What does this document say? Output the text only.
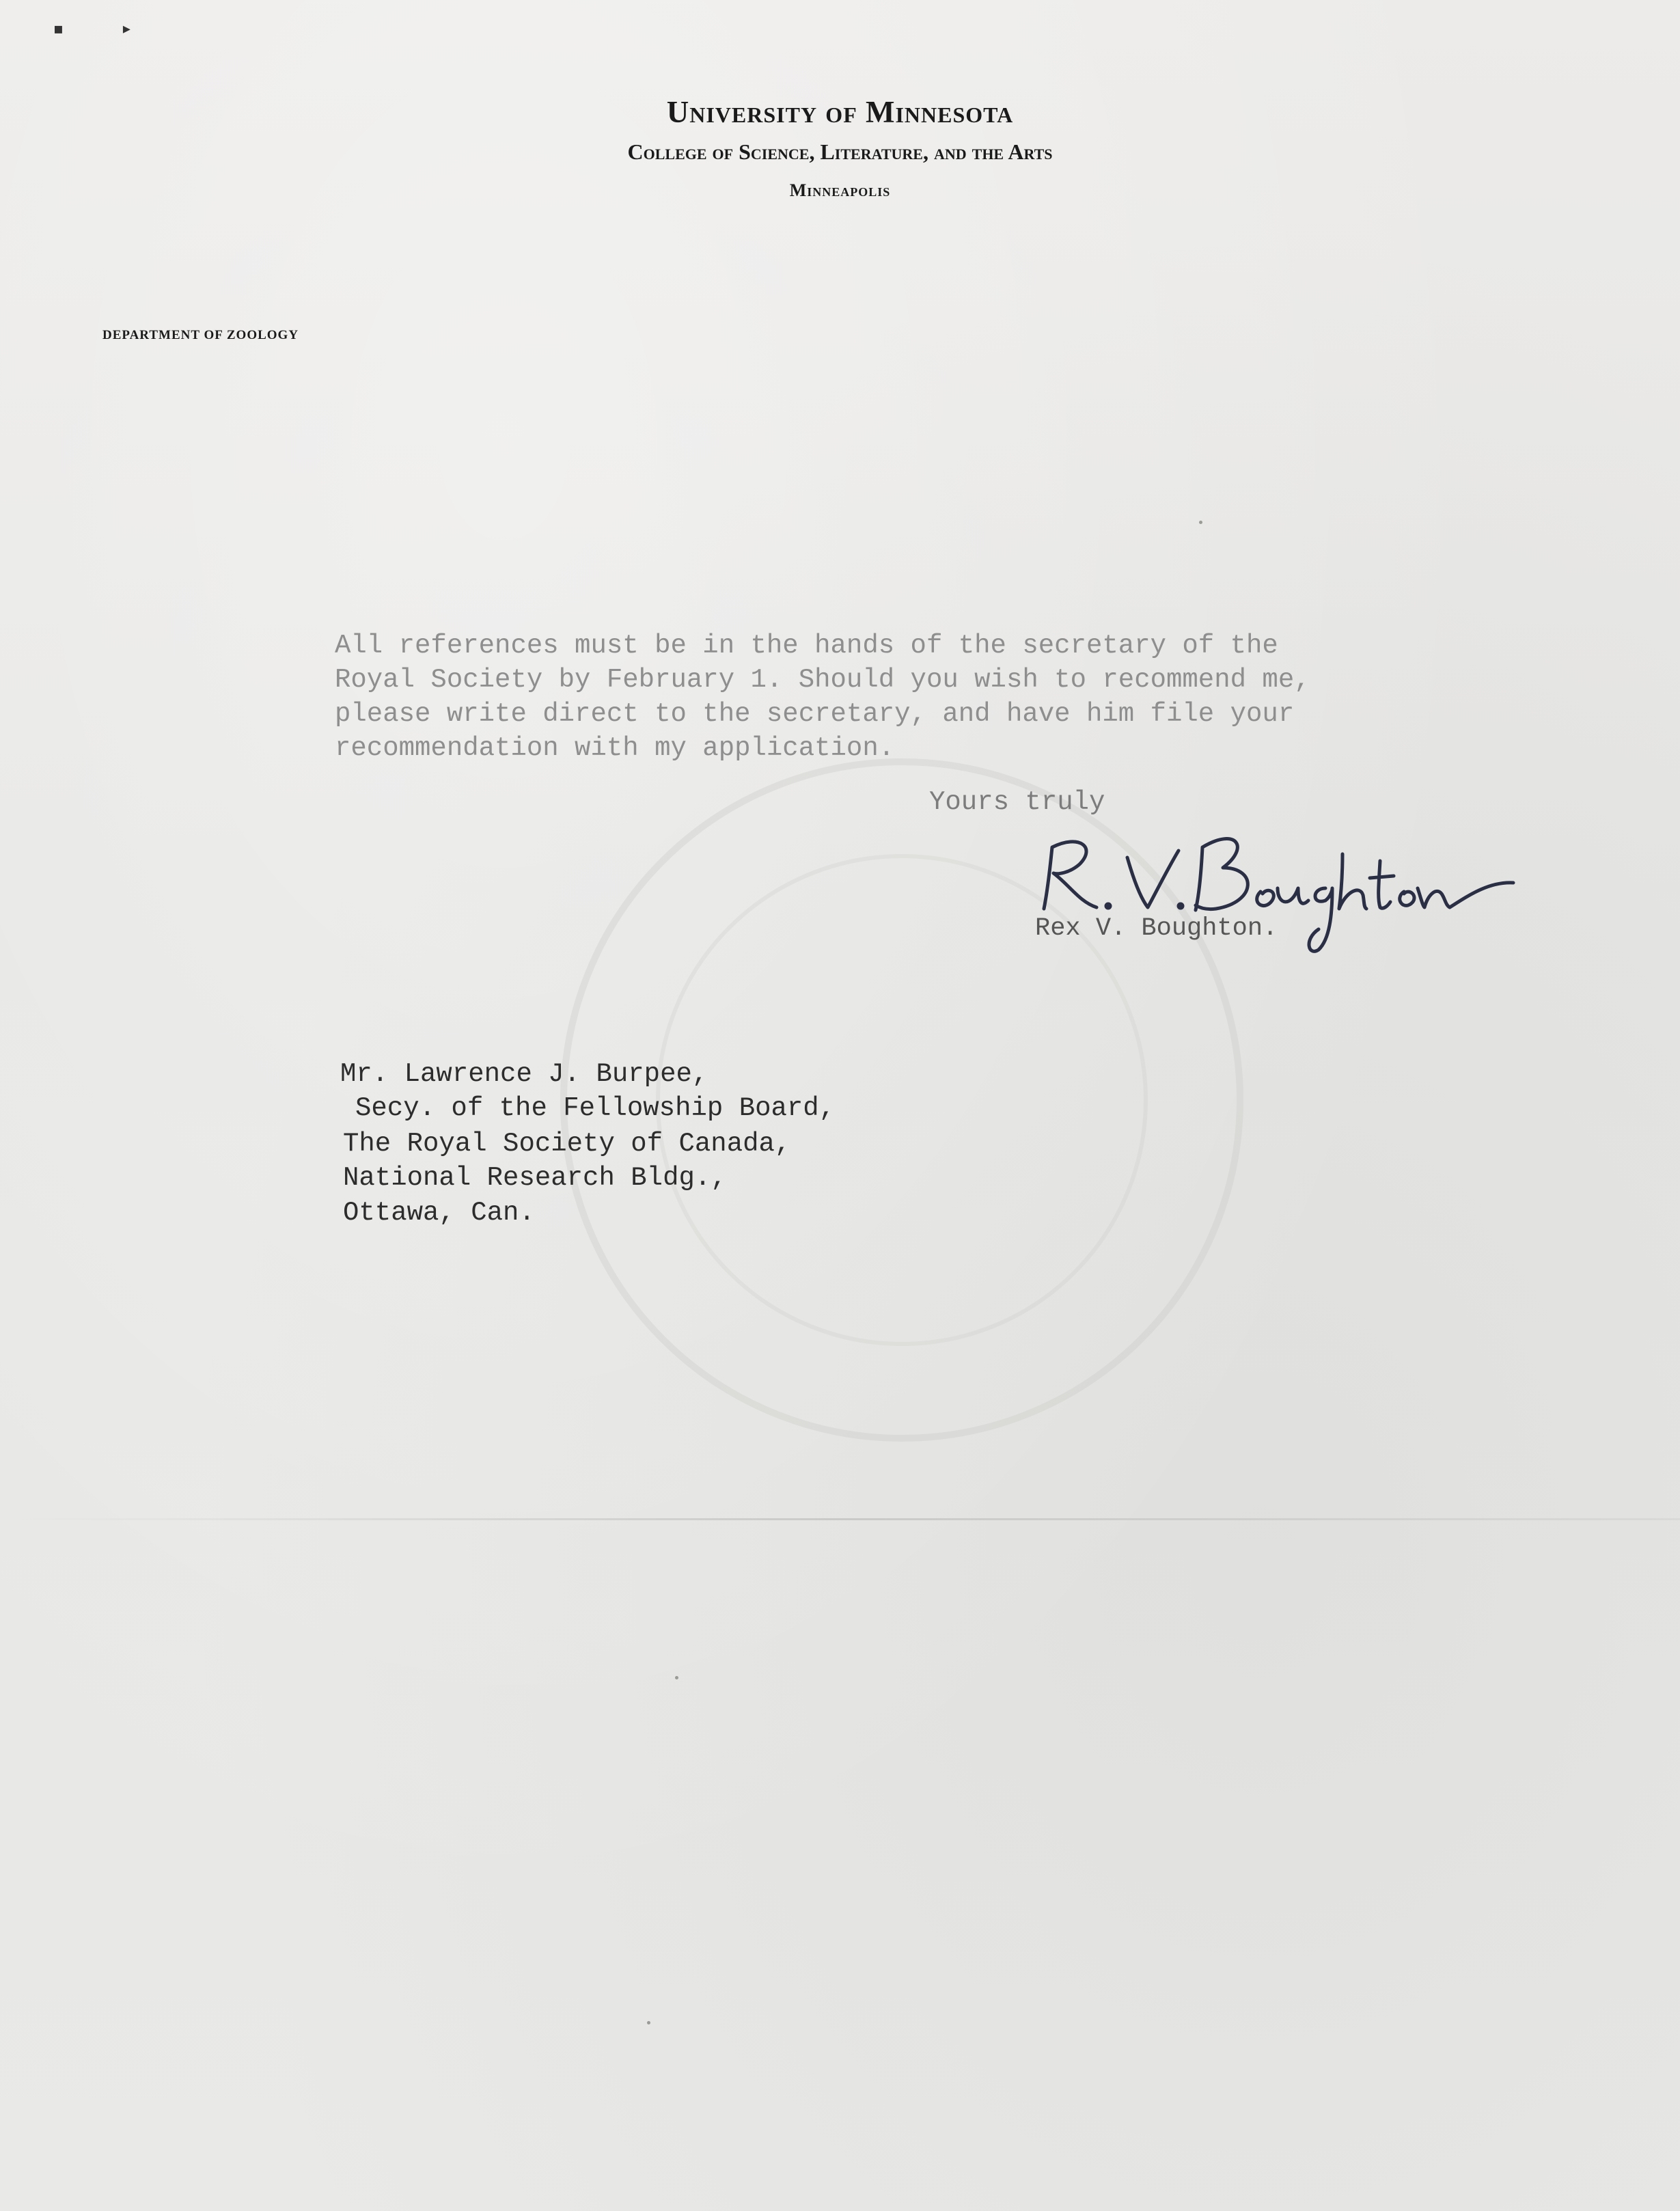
▪ ▸

University of Minnesota

College of Science, Literature, and the Arts

Minneapolis

DEPARTMENT OF ZOOLOGY

All references must be in the hands of the secretary of the
Royal Society by February 1. Should you wish to recommend me,
please write direct to the secretary, and have him file your
recommendation with my application.

Yours truly

Rex V. Boughton.

Mr. Lawrence J. Burpee,

Secy. of the Fellowship Board,

The Royal Society of Canada,

National Research Bldg.,

Ottawa, Can.
